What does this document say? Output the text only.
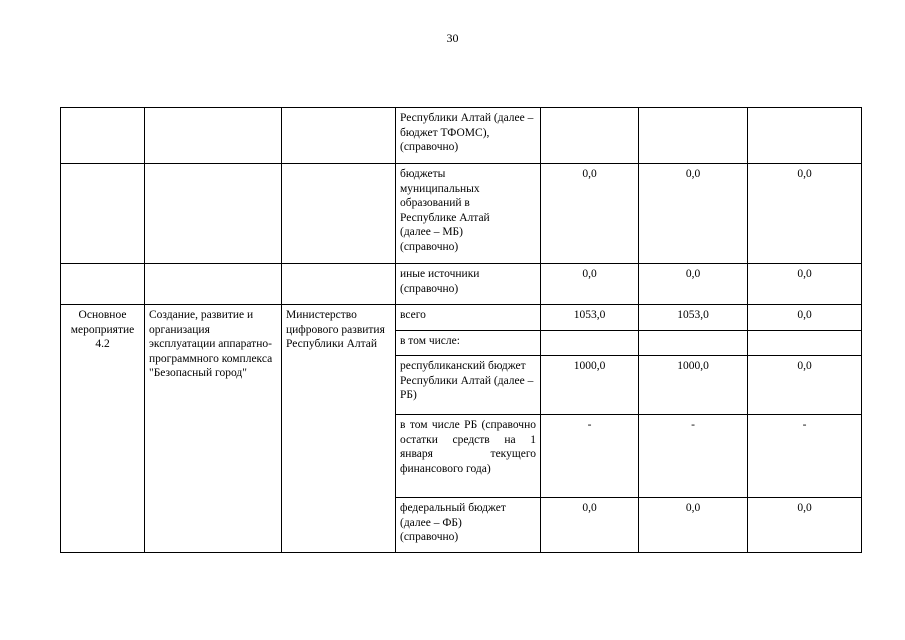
30
			Республики Алтай (далее – бюджет ТФОМС), (справочно)			
			бюджеты муниципальных образований в Республике Алтай (далее – МБ) (справочно)	0,0	0,0	0,0
			иные источники (справочно)	0,0	0,0	0,0
Основное мероприятие 4.2	Создание, развитие и организация эксплуатации аппаратно-программного комплекса "Безопасный город"	Министерство цифрового развития Республики Алтай	всего	1053,0	1053,0	0,0
			в том числе:			
			республиканский бюджет Республики Алтай (далее – РБ)	1000,0	1000,0	0,0
			в том числе РБ (справочно остатки средств на 1 января текущего финансового года)	-	-	-
			федеральный бюджет (далее – ФБ) (справочно)	0,0	0,0	0,0
